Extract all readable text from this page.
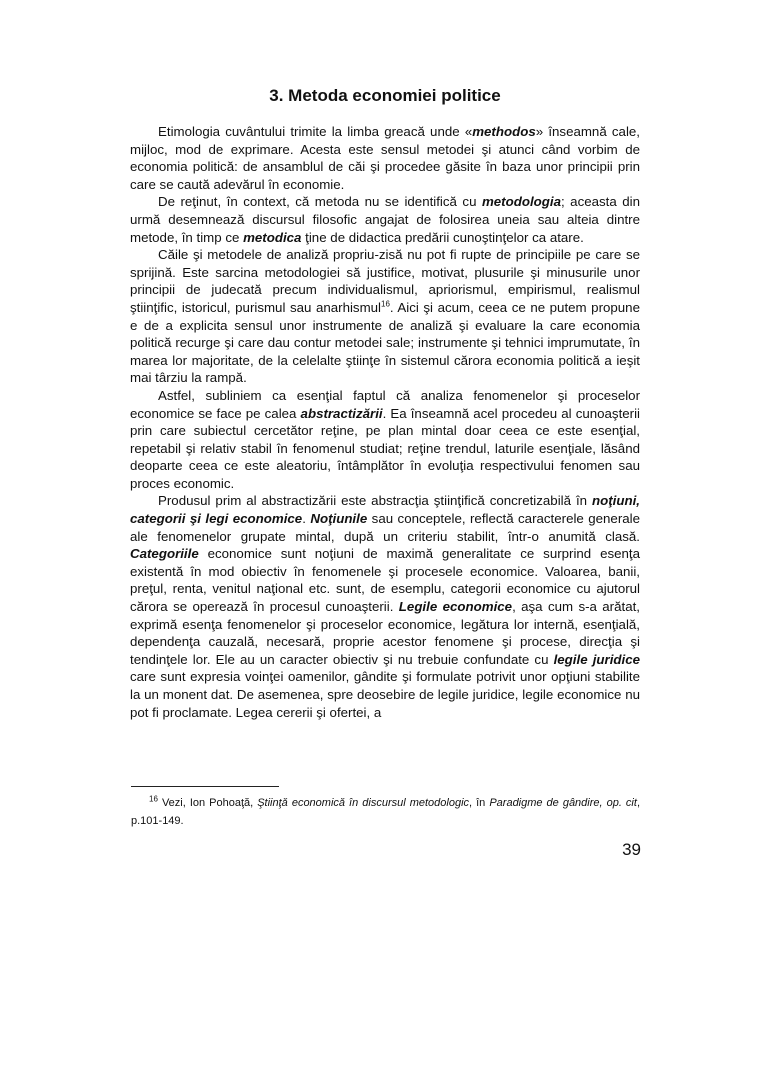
3. Metoda economiei politice

Etimologia cuvântului trimite la limba greacă unde «methodos» înseamnă cale, mijloc, mod de exprimare. Acesta este sensul metodei şi atunci când vorbim de economia politică: de ansamblul de căi şi procedee găsite în baza unor principii prin care se caută adevărul în economie.

De reţinut, în context, că metoda nu se identifică cu metodologia; aceasta din urmă desemnează discursul filosofic angajat de folosirea uneia sau alteia dintre metode, în timp ce metodica ţine de didactica predării cunoştinţelor ca atare.

Căile şi metodele de analiză propriu-zisă nu pot fi rupte de principiile pe care se sprijină. Este sarcina metodologiei să justifice, motivat, plusurile şi minusurile unor principii de judecată precum individualismul, apriorismul, empirismul, realismul ştiinţific, istoricul, purismul sau anarhismul$^{16}$. Aici şi acum, ceea ce ne putem propune e de a explicita sensul unor instrumente de analiză şi evaluare la care economia politică recurge şi care dau contur metodei sale; instrumente şi tehnici imprumutate, în marea lor majoritate, de la celelalte ştiinţe în sistemul cărora economia politică a ieşit mai târziu la rampă.

Astfel, subliniem ca esenţial faptul că analiza fenomenelor şi proceselor economice se face pe calea abstractizării. Ea înseamnă acel procedeu al cunoaşterii prin care subiectul cercetător reţine, pe plan mintal doar ceea ce este esenţial, repetabil şi relativ stabil în fenomenul studiat; reţine trendul, laturile esenţiale, lăsând deoparte ceea ce este aleatoriu, întâmplător în evoluţia respectivului fenomen sau proces economic.

Produsul prim al abstractizării este abstracţia ştiinţifică concretizabilă în noţiuni, categorii şi legi economice. Noţiunile sau conceptele, reflectă caracterele generale ale fenomenelor grupate mintal, după un criteriu stabilit, într-o anumită clasă. Categoriile economice sunt noţiuni de maximă generalitate ce surprind esenţa existentă în mod obiectiv în fenomenele şi procesele economice. Valoarea, banii, preţul, renta, venitul naţional etc. sunt, de esemplu, categorii economice cu ajutorul cărora se operează în procesul cunoaşterii. Legile economice, aşa cum s-a arătat, exprimă esenţa fenomenelor şi proceselor economice, legătura lor internă, esenţială, dependenţa cauzală, necesară, proprie acestor fenomene şi procese, direcţia şi tendinţele lor. Ele au un caracter obiectiv şi nu trebuie confundate cu legile juridice care sunt expresia voinţei oamenilor, gândite şi formulate potrivit unor opţiuni stabilite la un monent dat. De asemenea, spre deosebire de legile juridice, legile economice nu pot fi proclamate. Legea cererii şi ofertei, a

$^{16}$ Vezi, Ion Pohoaţă, Ştiinţă economică în discursul metodologic, în Paradigme de gândire, op. cit, p.101-149.

39
